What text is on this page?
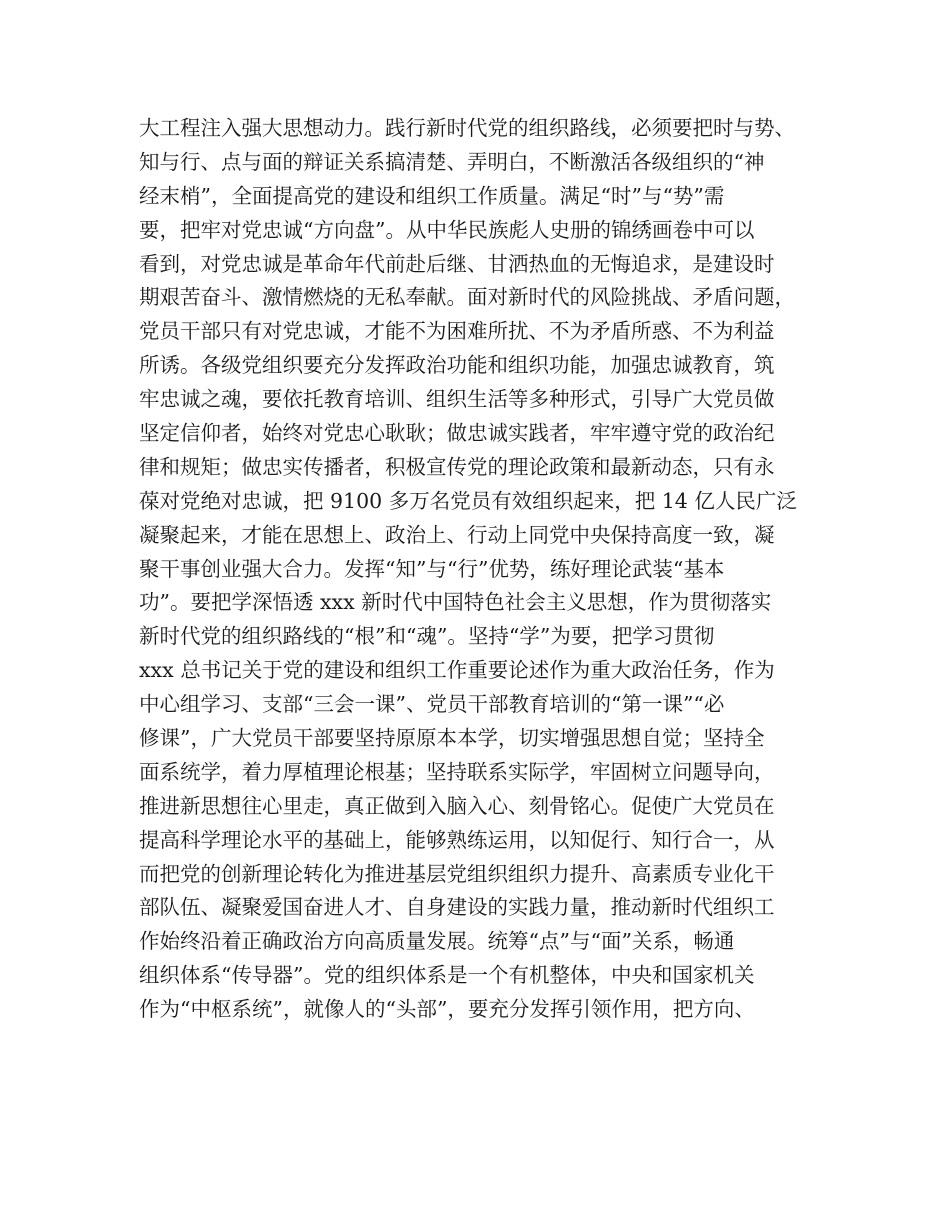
大工程注入强大思想动力。践行新时代党的组织路线，必须要把时与势、
知与行、点与面的辩证关系搞清楚、弄明白，不断激活各级组织的“神
经末梢”，全面提高党的建设和组织工作质量。满足“时”与“势”需
要，把牢对党忠诚“方向盘”。从中华民族彪人史册的锦绣画卷中可以
看到，对党忠诚是革命年代前赴后继、甘洒热血的无悔追求，是建设时
期艰苦奋斗、激情燃烧的无私奉献。面对新时代的风险挑战、矛盾问题，
党员干部只有对党忠诚，才能不为困难所扰、不为矛盾所惑、不为利益
所诱。各级党组织要充分发挥政治功能和组织功能，加强忠诚教育，筑
牢忠诚之魂，要依托教育培训、组织生活等多种形式，引导广大党员做
坚定信仰者，始终对党忠心耿耿；做忠诚实践者，牢牢遵守党的政治纪
律和规矩；做忠实传播者，积极宣传党的理论政策和最新动态，只有永
葆对党绝对忠诚，把 9100 多万名党员有效组织起来，把 14 亿人民广泛
凝聚起来，才能在思想上、政治上、行动上同党中央保持高度一致，凝
聚干事创业强大合力。发挥“知”与“行”优势，练好理论武装“基本
功”。要把学深悟透 xxx 新时代中国特色社会主义思想，作为贯彻落实
新时代党的组织路线的“根”和“魂”。坚持“学”为要，把学习贯彻
xxx 总书记关于党的建设和组织工作重要论述作为重大政治任务，作为
中心组学习、支部“三会一课”、党员干部教育培训的“第一课”“必
修课”，广大党员干部要坚持原原本本学，切实增强思想自觉；坚持全
面系统学，着力厚植理论根基；坚持联系实际学，牢固树立问题导向，
推进新思想往心里走，真正做到入脑入心、刻骨铭心。促使广大党员在
提高科学理论水平的基础上，能够熟练运用，以知促行、知行合一，从
而把党的创新理论转化为推进基层党组织组织力提升、高素质专业化干
部队伍、凝聚爱国奋进人才、自身建设的实践力量，推动新时代组织工
作始终沿着正确政治方向高质量发展。统筹“点”与“面”关系，畅通
组织体系“传导器”。党的组织体系是一个有机整体，中央和国家机关
作为“中枢系统”，就像人的“头部”，要充分发挥引领作用，把方向、
